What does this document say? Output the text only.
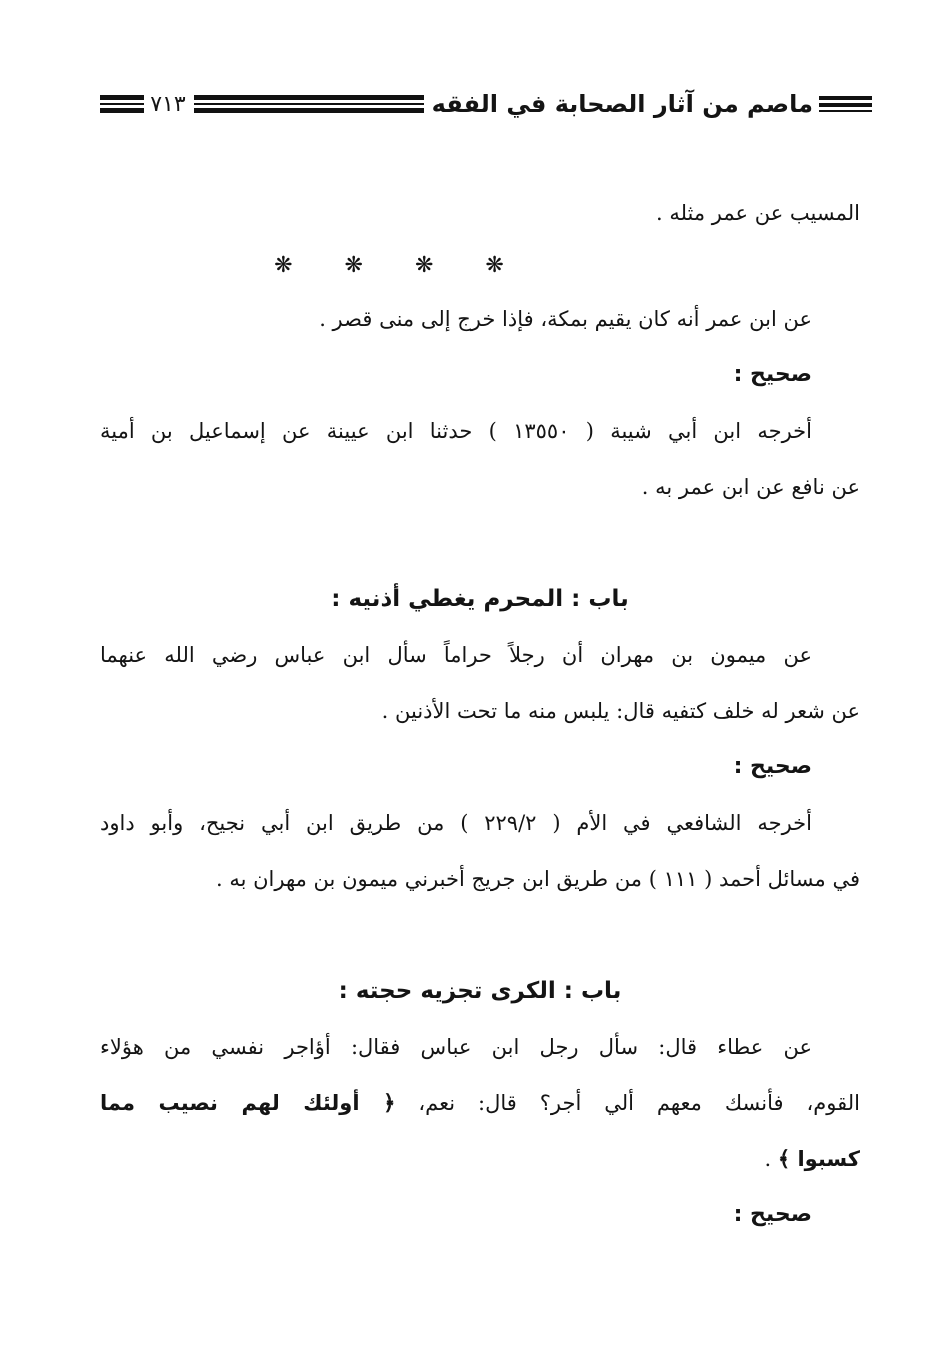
ماصم من آثار الصحابة في الفقه
٧١٣

المسيب عن عمر مثله .

❋❋❋❋

عن ابن عمر أنه كان يقيم بمكة، فإذا خرج إلى منى قصر .

صحيح :

أخرجه ابن أبي شيبة ( ١٣٥٥٠ ) حدثنا ابن عيينة عن إسماعيل بن أمية

عن نافع عن ابن عمر به .

باب : المحرم يغطي أذنيه :

عن ميمون بن مهران أن رجلاً حراماً سأل ابن عباس رضي الله عنهما

عن شعر له خلف كتفيه قال: يلبس منه ما تحت الأذنين .

صحيح :

أخرجه الشافعي في الأم ( ٢٢٩/٢ ) من طريق ابن أبي نجيح، وأبو داود

في مسائل أحمد ( ١١١ ) من طريق ابن جريج أخبرني ميمون بن مهران به .

باب : الكرى تجزيه حجته :

عن عطاء قال: سأل رجل ابن عباس فقال: أؤاجر نفسي من هؤلاء

القوم، فأنسك معهم ألي أجر؟ قال: نعم، ﴿ أولئك لهم نصيب مما

كسبوا ﴾ .

صحيح :
